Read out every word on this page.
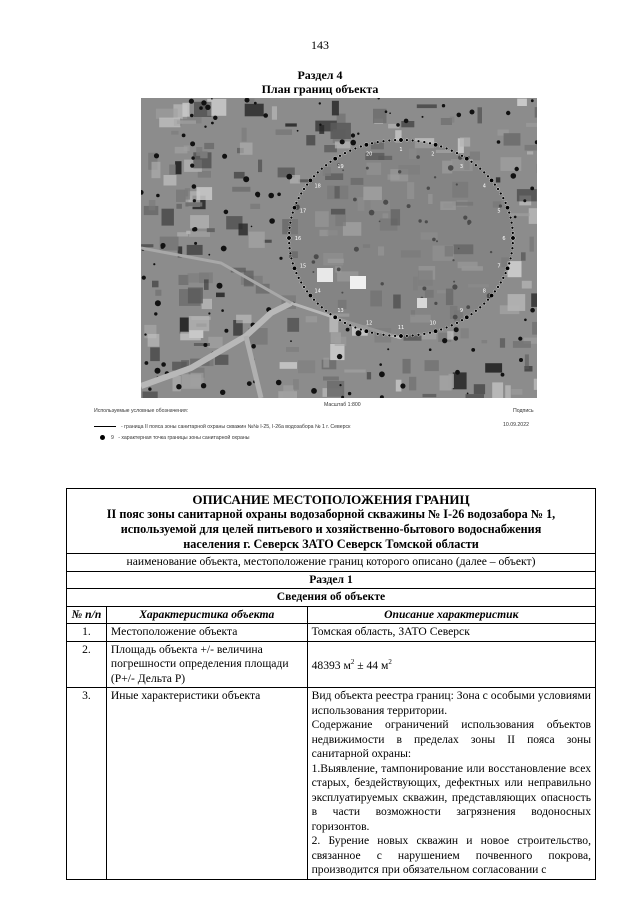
143
Раздел 4
План границ объекта
1
2
3
4
5
6
7
8
9
10
11
12
13
14
15
16
17
18
19
20
Масштаб 1:800
Используемые условные обозначения:	Подпись
10.09.2022
- граница II пояса зоны санитарной охраны скважин №№ I-25, I-26а водозабора № 1 г. Северск
9 - характерная точка границы зоны санитарной охраны
ОПИСАНИЕ МЕСТОПОЛОЖЕНИЯ ГРАНИЦ
II пояс зоны санитарной охраны водозаборной скважины № I-26 водозабора № 1,
используемой для целей питьевого и хозяйственно-бытового водоснабжения
населения г. Северск ЗАТО Северск Томской области		

наименование объекта, местоположение границ которого описано (далее – объект)		
Раздел 1		
Сведения об объекте		
№ п/п	Характеристика объекта	Описание характеристик
1.	Местоположение объекта	Томская область, ЗАТО Северск
2.	Площадь объекта +/- величина погрешности определения площади (P+/- Дельта P)	48393 $м^2 \pm 44$ $м^2$
3.	Иные характеристики объекта	Вид объекта реестра границ: Зона с особыми условиями использования территории.
Содержание ограничений использования объектов недвижимости в пределах зоны II пояса зоны санитарной охраны:
1.Выявление, тампонирование или восстановление всех старых, бездействующих, дефектных или неправильно эксплуатируемых скважин, представляющих опасность в части возможности загрязнения водоносных горизонтов.
2. Бурение новых скважин и новое строительство, связанное с нарушением почвенного покрова, производится при обязательном согласовании с
